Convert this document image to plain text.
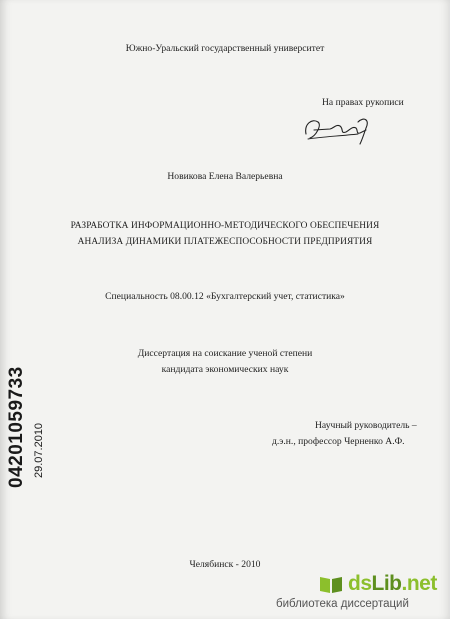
Южно-Уральский государственный университет
На правах рукописи
Новикова Елена Валерьевна
РАЗРАБОТКА ИНФОРМАЦИОННО-МЕТОДИЧЕСКОГО ОБЕСПЕЧЕНИЯ
АНАЛИЗА ДИНАМИКИ ПЛАТЕЖЕСПОСОБНОСТИ ПРЕДПРИЯТИЯ
Специальность 08.00.12 «Бухгалтерский учет, статистика»
Диссертация на соискание ученой степени
кандидата экономических наук
Научный руководитель –
д.э.н., профессор Черненко А.Ф.
Челябинск - 2010
04201059733 29.07.2010
dsLib.net
библиотека диссертаций
